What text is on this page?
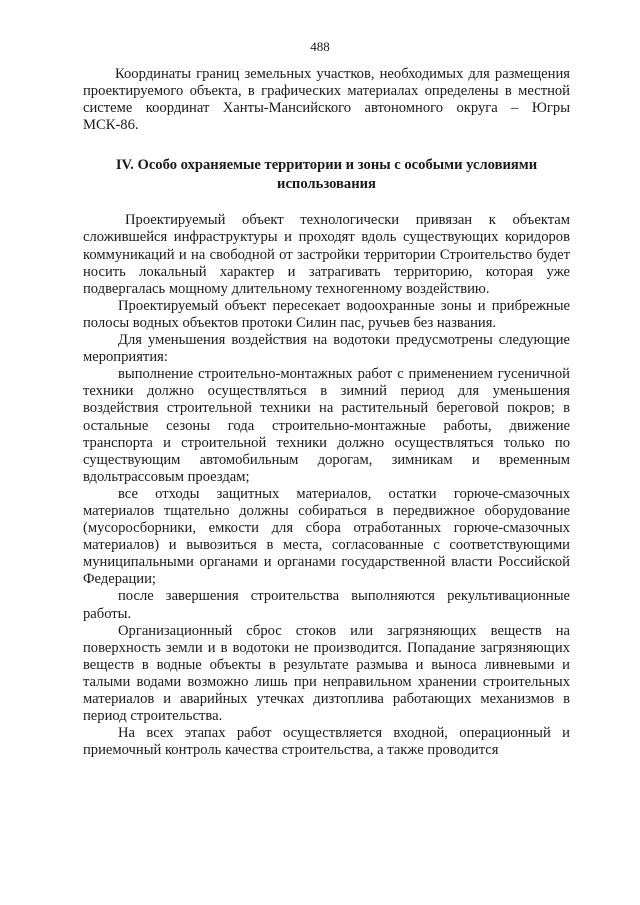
488

Координаты границ земельных участков, необходимых для размещения проектируемого объекта, в графических материалах определены в местной системе координат Ханты-Мансийского автономного округа – Югры МСК-86.

IV. Особо охраняемые территории и зоны с особыми условиями использования

Проектируемый объект технологически привязан к объектам сложившейся инфраструктуры и проходят вдоль существующих коридоров коммуникаций и на свободной от застройки территории Строительство будет носить локальный характер и затрагивать территорию, которая уже подвергалась мощному длительному техногенному воздействию.

Проектируемый объект пересекает водоохранные зоны и прибрежные полосы водных объектов протоки Силин пас, ручьев без названия.

Для уменьшения воздействия на водотоки предусмотрены следующие мероприятия:

выполнение строительно-монтажных работ с применением гусеничной техники должно осуществляться в зимний период для уменьшения воздействия строительной техники на растительный береговой покров; в остальные сезоны года строительно-монтажные работы, движение транспорта и строительной техники должно осуществляться только по существующим автомобильным дорогам, зимникам и временным вдольтрассовым проездам;

все отходы защитных материалов, остатки горюче-смазочных материалов тщательно должны собираться в передвижное оборудование (мусоросборники, емкости для сбора отработанных горюче-смазочных материалов) и вывозиться в места, согласованные с соответствующими муниципальными органами и органами государственной власти Российской Федерации;

после завершения строительства выполняются рекультивационные работы.

Организационный сброс стоков или загрязняющих веществ на поверхность земли и в водотоки не производится. Попадание загрязняющих веществ в водные объекты в результате размыва и выноса ливневыми и талыми водами возможно лишь при неправильном хранении строительных материалов и аварийных утечках дизтоплива работающих механизмов в период строительства.

На всех этапах работ осуществляется входной, операционный и приемочный контроль качества строительства, а также проводится
